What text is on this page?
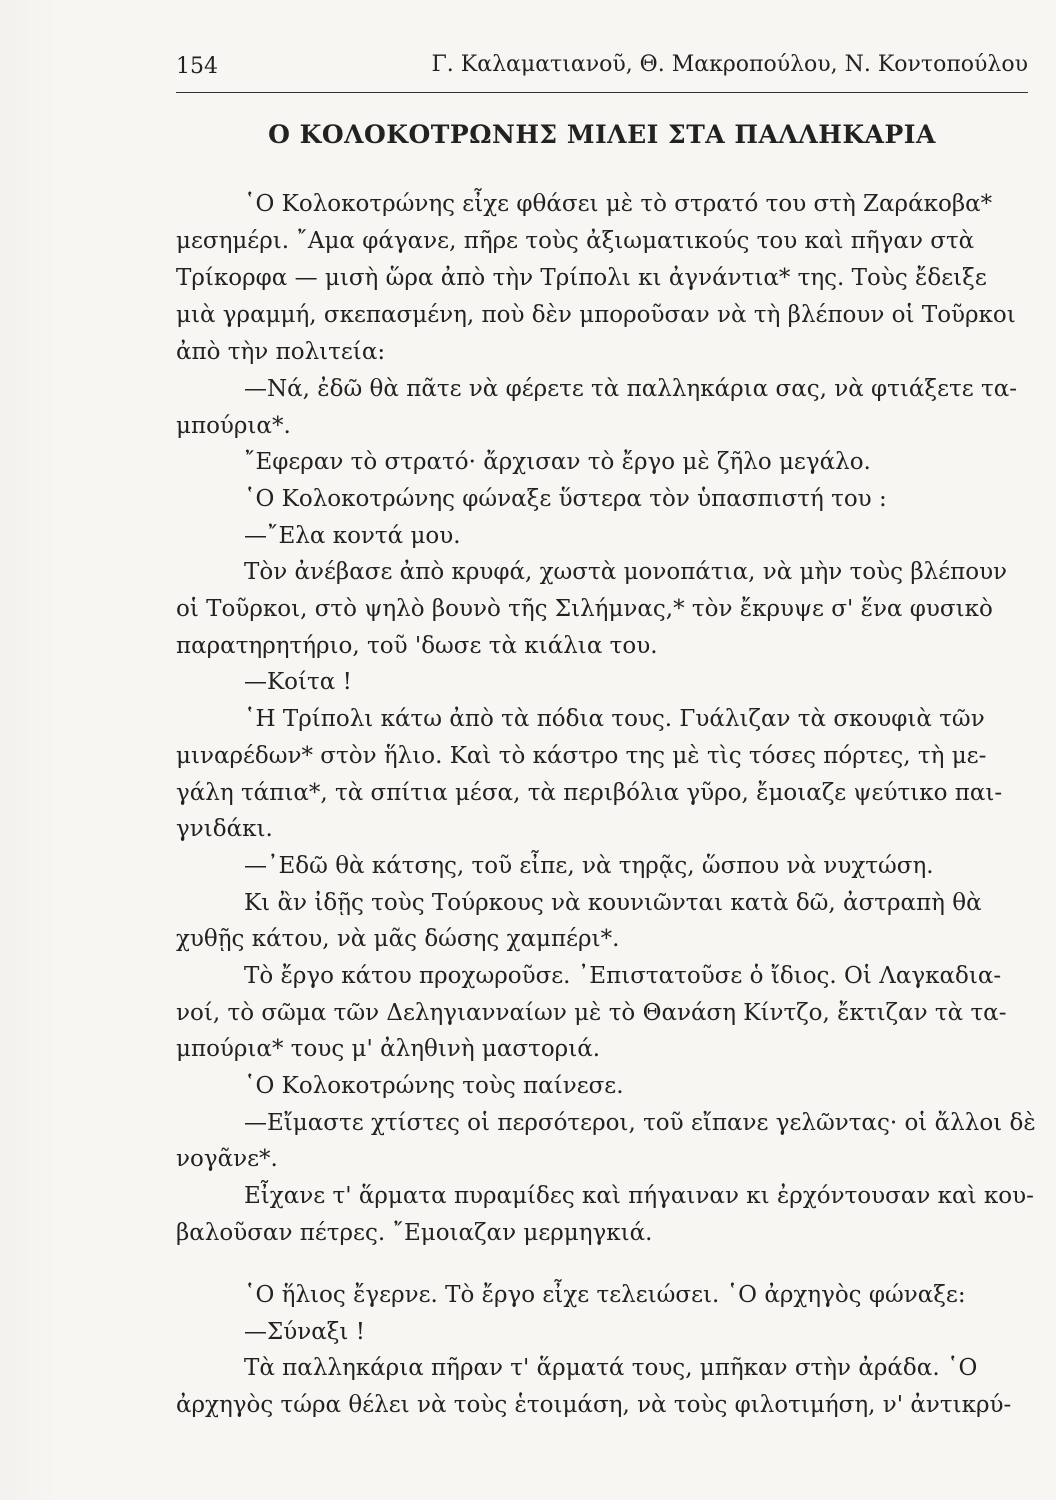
154	Γ. Καλαματιανοῦ, Θ. Μακροπούλου, Ν. Κοντοπούλου
Ο ΚΟΛΟΚΟΤΡΩΝΗΣ ΜΙΛΕΙ ΣΤΑ ΠΑΛΛΗΚΑΡΙΑ
῾Ο Κολοκοτρώνης εἶχε φθάσει μὲ τὸ στρατό του στὴ Ζαράκοβα*
μεσημέρι. ῎Αμα φάγανε, πῆρε τοὺς ἀξιωματικούς του καὶ πῆγαν στὰ
Τρίκορφα — μισὴ ὥρα ἀπὸ τὴν Τρίπολι κι ἀγνάντια* της. Τοὺς ἔδειξε
μιὰ γραμμή, σκεπασμένη, ποὺ δὲν μποροῦσαν νὰ τὴ βλέπουν οἱ Τοῦρκοι
ἀπὸ τὴν πολιτεία:
—Νά, ἐδῶ θὰ πᾶτε νὰ φέρετε τὰ παλληκάρια σας, νὰ φτιάξετε τα-
μπούρια*.
῎Εφεραν τὸ στρατό· ἄρχισαν τὸ ἔργο μὲ ζῆλο μεγάλο.
῾Ο Κολοκοτρώνης φώναξε ὕστερα τὸν ὑπασπιστή του :
—῎Ελα κοντά μου.
Τὸν ἀνέβασε ἀπὸ κρυφά, χωστὰ μονοπάτια, νὰ μὴν τοὺς βλέπουν
οἱ Τοῦρκοι, στὸ ψηλὸ βουνὸ τῆς Σιλήμνας,* τὸν ἔκρυψε σ' ἕνα φυσικὸ
παρατηρητήριο, τοῦ 'δωσε τὰ κιάλια του.
—Κοίτα !
῾Η Τρίπολι κάτω ἀπὸ τὰ πόδια τους. Γυάλιζαν τὰ σκουφιὰ τῶν
μιναρέδων* στὸν ἥλιο. Καὶ τὸ κάστρο της μὲ τὶς τόσες πόρτες, τὴ με-
γάλη τάπια*, τὰ σπίτια μέσα, τὰ περιβόλια γῦρο, ἔμοιαζε ψεύτικο παι-
γνιδάκι.
—᾿Εδῶ θὰ κάτσης, τοῦ εἶπε, νὰ τηρᾷς, ὥσπου νὰ νυχτώση.
Κι ἂν ἰδῇς τοὺς Τούρκους νὰ κουνιῶνται κατὰ δῶ, ἀστραπὴ θὰ
χυθῇς κάτου, νὰ μᾶς δώσης χαμπέρι*.
Τὸ ἔργο κάτου προχωροῦσε. ᾿Επιστατοῦσε ὁ ἴδιος. Οἱ Λαγκαδια-
νοί, τὸ σῶμα τῶν Δεληγιανναίων μὲ τὸ Θανάση Κίντζο, ἔκτιζαν τὰ τα-
μπούρια* τους μ' ἀληθινὴ μαστοριά.
῾Ο Κολοκοτρώνης τοὺς παίνεσε.
—Εἴμαστε χτίστες οἱ περσότεροι, τοῦ εἴπανε γελῶντας· οἱ ἄλλοι δὲ
νογᾶνε*.
Εἶχανε τ' ἅρματα πυραμίδες καὶ πήγαιναν κι ἐρχόντουσαν καὶ κου-
βαλοῦσαν πέτρες. ῎Εμοιαζαν μερμηγκιά.
῾Ο ἥλιος ἔγερνε. Τὸ ἔργο εἶχε τελειώσει. ῾Ο ἀρχηγὸς φώναξε:
—Σύναξι !
Τὰ παλληκάρια πῆραν τ' ἅρματά τους, μπῆκαν στὴν ἀράδα. ῾Ο
ἀρχηγὸς τώρα θέλει νὰ τοὺς ἑτοιμάση, νὰ τοὺς φιλοτιμήση, ν' ἀντικρύ-
